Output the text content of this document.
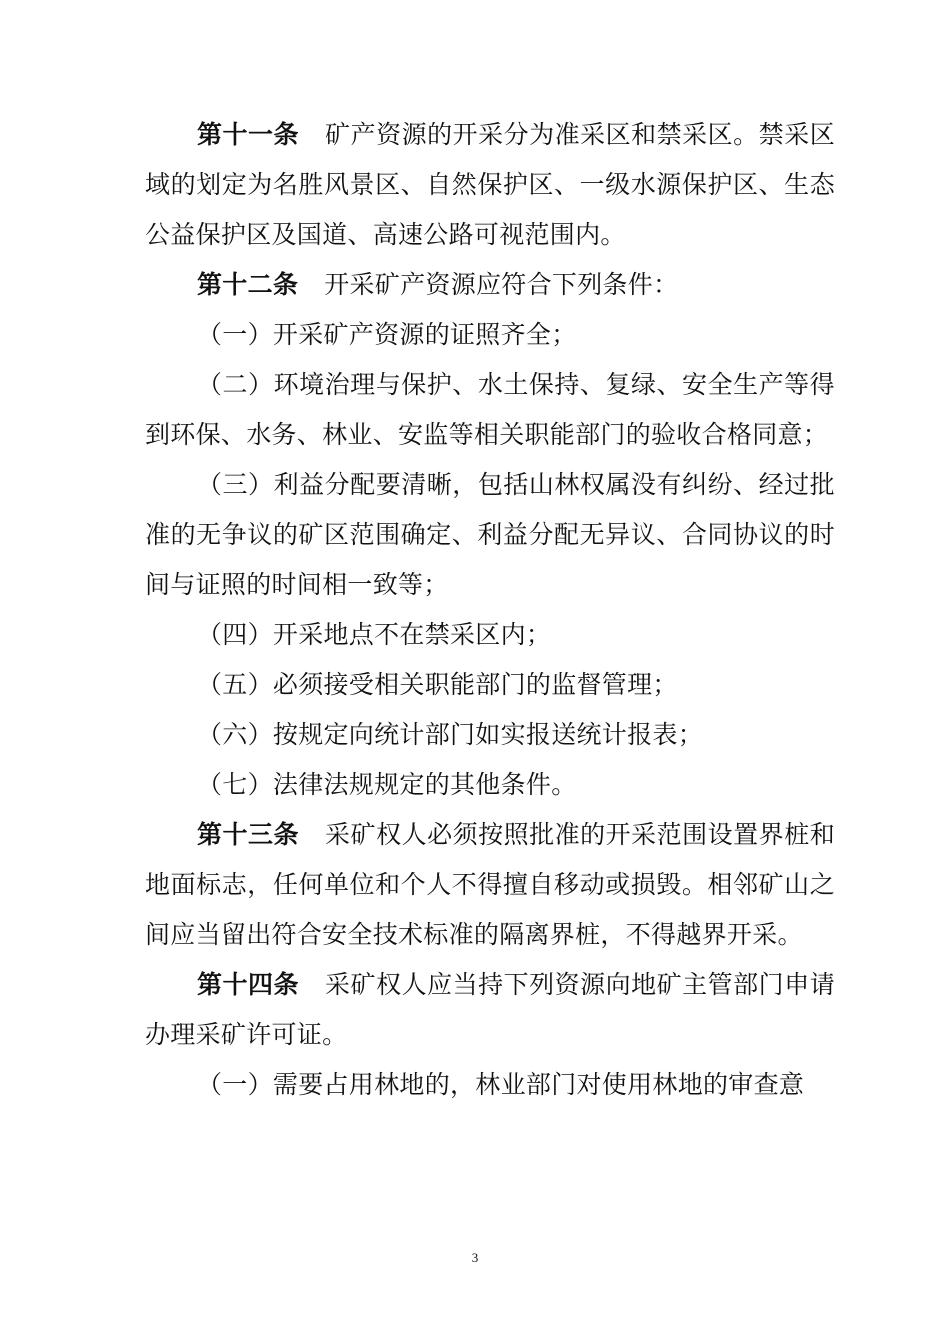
第十一条 矿产资源的开采分为准采区和禁采区。禁采区域的划定为名胜风景区、自然保护区、一级水源保护区、生态公益保护区及国道、高速公路可视范围内。

第十二条 开采矿产资源应符合下列条件：

（一）开采矿产资源的证照齐全；

（二）环境治理与保护、水土保持、复绿、安全生产等得到环保、水务、林业、安监等相关职能部门的验收合格同意；

（三）利益分配要清晰，包括山林权属没有纠纷、经过批准的无争议的矿区范围确定、利益分配无异议、合同协议的时间与证照的时间相一致等；

（四）开采地点不在禁采区内；

（五）必须接受相关职能部门的监督管理；

（六）按规定向统计部门如实报送统计报表；

（七）法律法规规定的其他条件。

第十三条 采矿权人必须按照批准的开采范围设置界桩和地面标志，任何单位和个人不得擅自移动或损毁。相邻矿山之间应当留出符合安全技术标准的隔离界桩，不得越界开采。

第十四条 采矿权人应当持下列资源向地矿主管部门申请办理采矿许可证。

（一）需要占用林地的，林业部门对使用林地的审查意

3
